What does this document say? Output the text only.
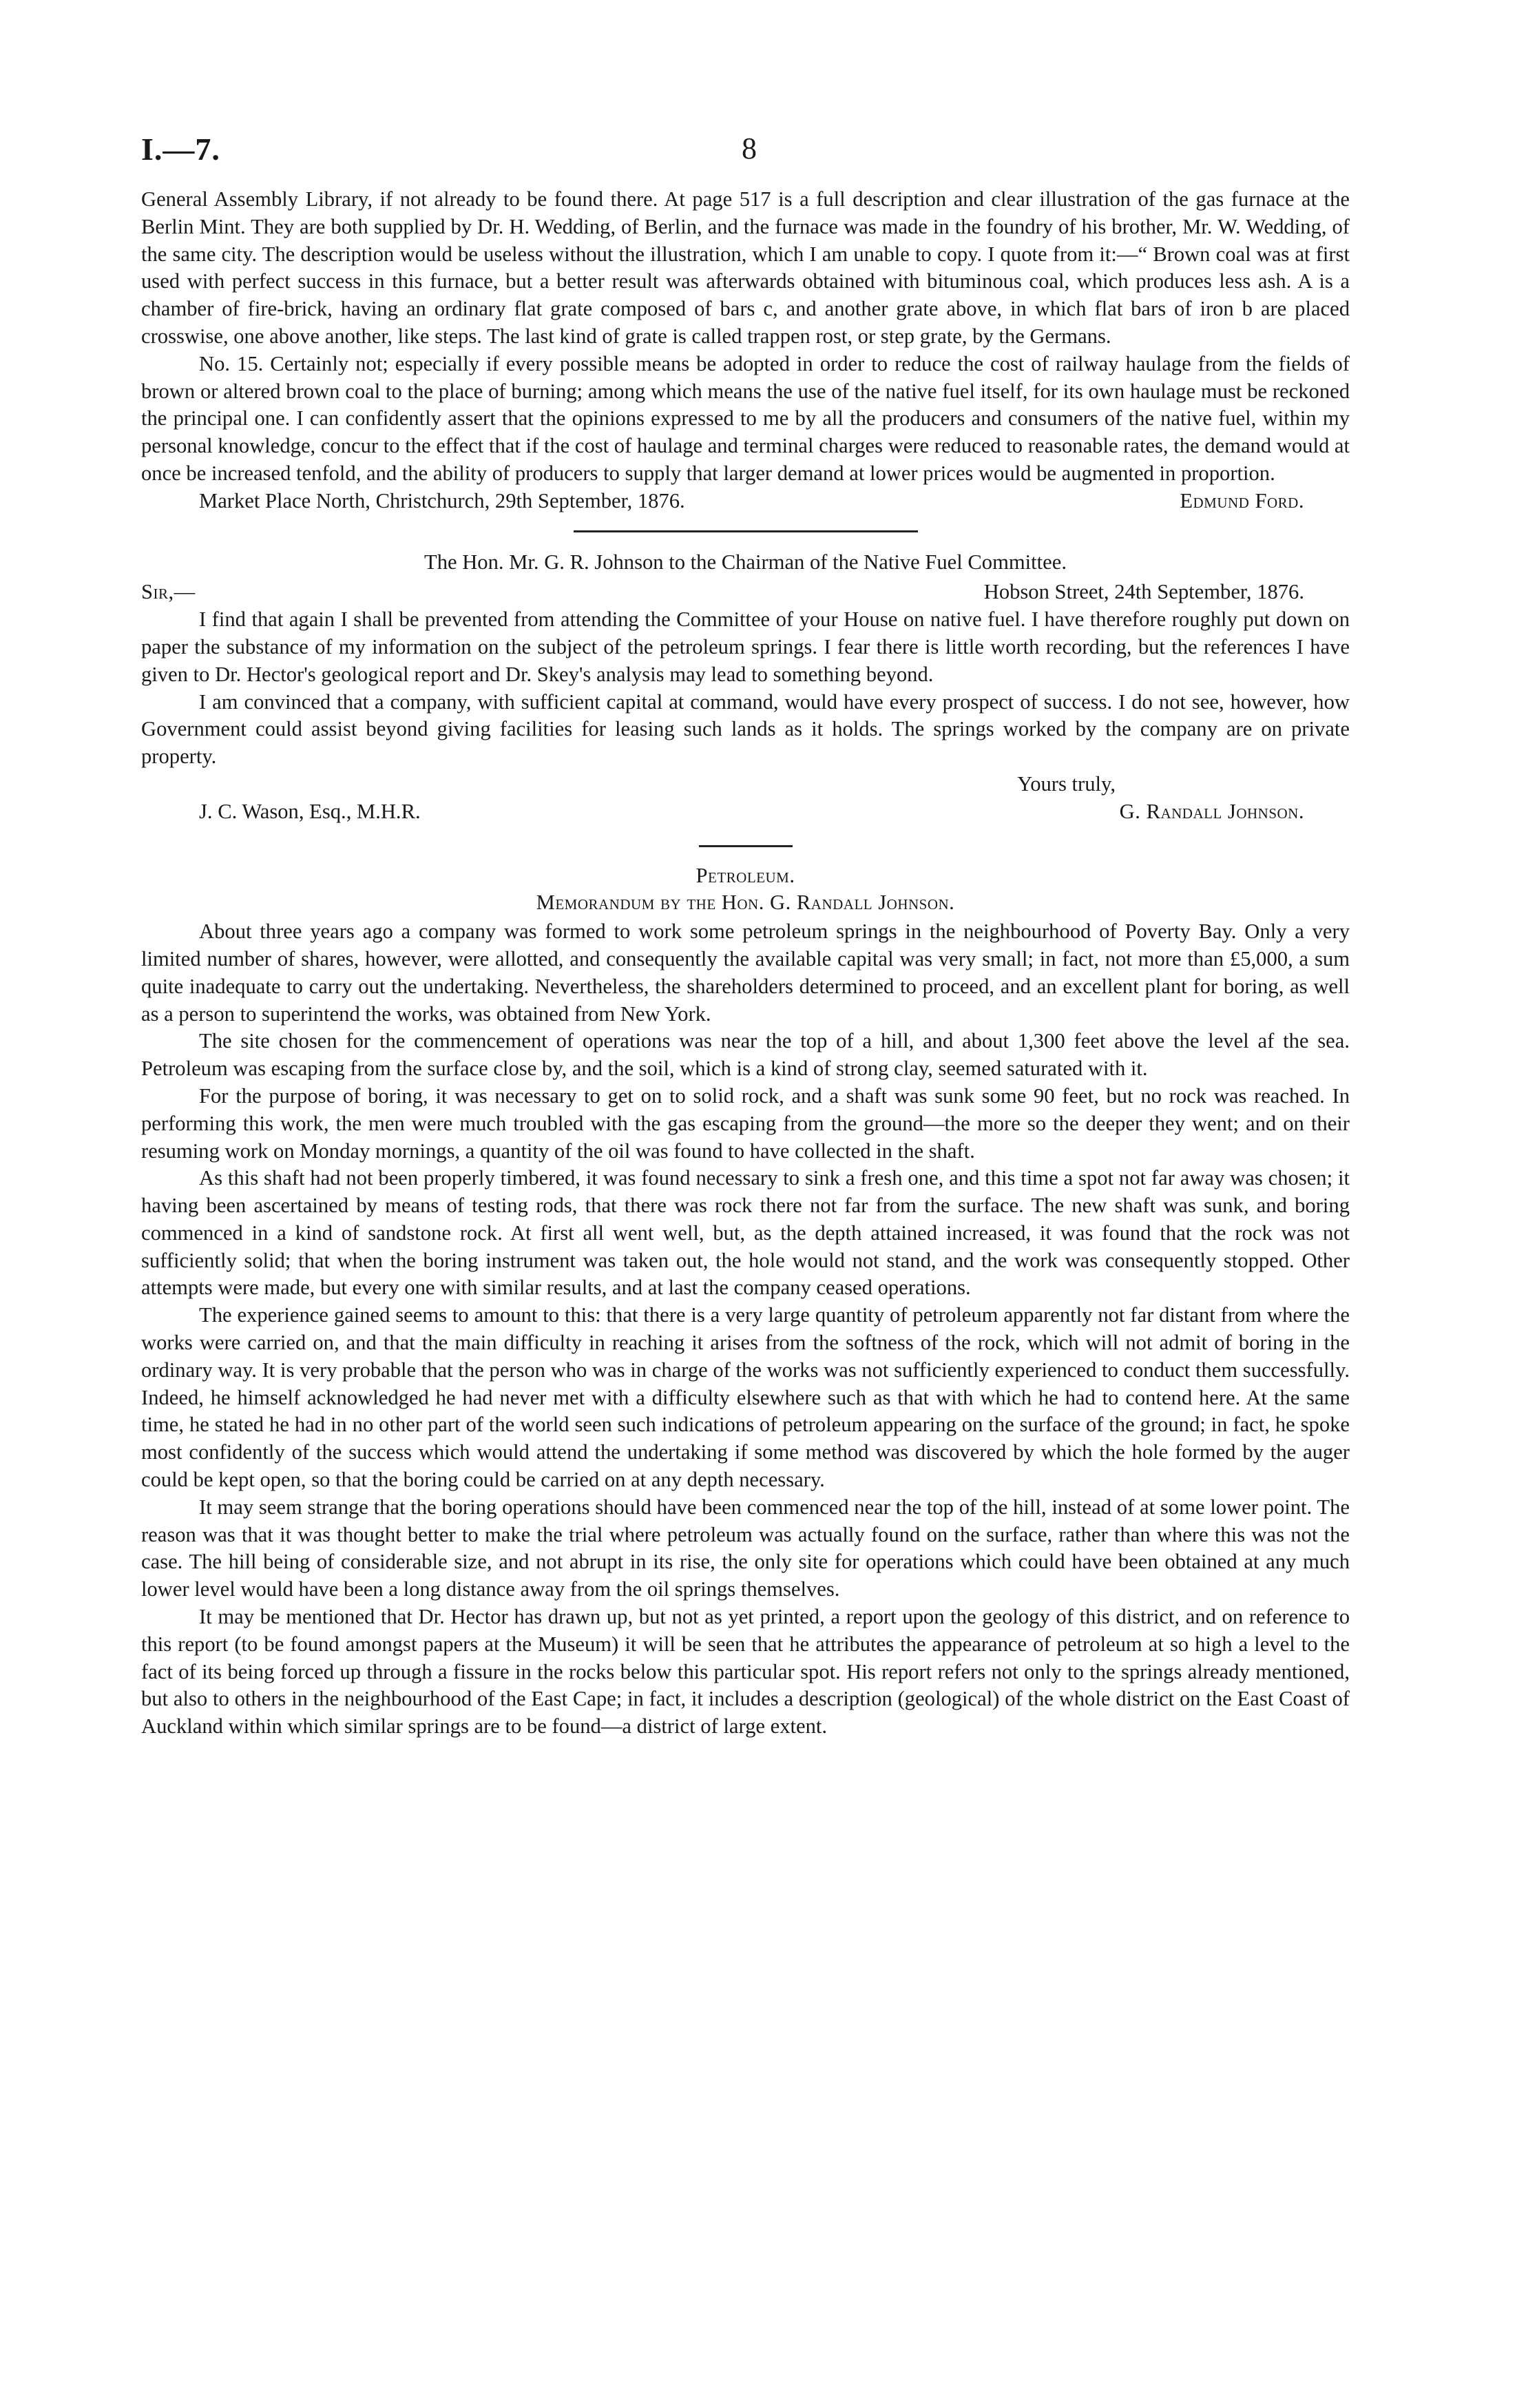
I.—7.	8

General Assembly Library, if not already to be found there. At page 517 is a full description and clear illustration of the gas furnace at the Berlin Mint. They are both supplied by Dr. H. Wedding, of Berlin, and the furnace was made in the foundry of his brother, Mr. W. Wedding, of the same city. The description would be useless without the illustration, which I am unable to copy. I quote from it:—“ Brown coal was at first used with perfect success in this furnace, but a better result was afterwards obtained with bituminous coal, which produces less ash. A is a chamber of fire-brick, having an ordinary flat grate composed of bars c, and another grate above, in which flat bars of iron b are placed crosswise, one above another, like steps. The last kind of grate is called trappen rost, or step grate, by the Germans.

No. 15. Certainly not; especially if every possible means be adopted in order to reduce the cost of railway haulage from the fields of brown or altered brown coal to the place of burning; among which means the use of the native fuel itself, for its own haulage must be reckoned the principal one. I can confidently assert that the opinions expressed to me by all the producers and consumers of the native fuel, within my personal knowledge, concur to the effect that if the cost of haulage and terminal charges were reduced to reasonable rates, the demand would at once be increased tenfold, and the ability of producers to supply that larger demand at lower prices would be augmented in proportion.

Market Place North, Christchurch, 29th September, 1876.	Edmund Ford.
The Hon. Mr. G. R. Johnson to the Chairman of the Native Fuel Committee.
Sir,—	Hobson Street, 24th September, 1876.

I find that again I shall be prevented from attending the Committee of your House on native fuel. I have therefore roughly put down on paper the substance of my information on the subject of the petroleum springs. I fear there is little worth recording, but the references I have given to Dr. Hector's geological report and Dr. Skey's analysis may lead to something beyond.

I am convinced that a company, with sufficient capital at command, would have every prospect of success. I do not see, however, how Government could assist beyond giving facilities for leasing such lands as it holds. The springs worked by the company are on private property.

Yours truly,
J. C. Wason, Esq., M.H.R.	G. Randall Johnson.
Petroleum.
Memorandum by the Hon. G. Randall Johnson.

About three years ago a company was formed to work some petroleum springs in the neighbourhood of Poverty Bay. Only a very limited number of shares, however, were allotted, and consequently the available capital was very small; in fact, not more than £5,000, a sum quite inadequate to carry out the undertaking. Nevertheless, the shareholders determined to proceed, and an excellent plant for boring, as well as a person to superintend the works, was obtained from New York.

The site chosen for the commencement of operations was near the top of a hill, and about 1,300 feet above the level af the sea. Petroleum was escaping from the surface close by, and the soil, which is a kind of strong clay, seemed saturated with it.

For the purpose of boring, it was necessary to get on to solid rock, and a shaft was sunk some 90 feet, but no rock was reached. In performing this work, the men were much troubled with the gas escaping from the ground—the more so the deeper they went; and on their resuming work on Monday mornings, a quantity of the oil was found to have collected in the shaft.

As this shaft had not been properly timbered, it was found necessary to sink a fresh one, and this time a spot not far away was chosen; it having been ascertained by means of testing rods, that there was rock there not far from the surface. The new shaft was sunk, and boring commenced in a kind of sandstone rock. At first all went well, but, as the depth attained increased, it was found that the rock was not sufficiently solid; that when the boring instrument was taken out, the hole would not stand, and the work was consequently stopped. Other attempts were made, but every one with similar results, and at last the company ceased operations.

The experience gained seems to amount to this: that there is a very large quantity of petroleum apparently not far distant from where the works were carried on, and that the main difficulty in reaching it arises from the softness of the rock, which will not admit of boring in the ordinary way. It is very probable that the person who was in charge of the works was not sufficiently experienced to conduct them successfully. Indeed, he himself acknowledged he had never met with a difficulty elsewhere such as that with which he had to contend here. At the same time, he stated he had in no other part of the world seen such indications of petroleum appearing on the surface of the ground; in fact, he spoke most confidently of the success which would attend the undertaking if some method was discovered by which the hole formed by the auger could be kept open, so that the boring could be carried on at any depth necessary.

It may seem strange that the boring operations should have been commenced near the top of the hill, instead of at some lower point. The reason was that it was thought better to make the trial where petroleum was actually found on the surface, rather than where this was not the case. The hill being of considerable size, and not abrupt in its rise, the only site for operations which could have been obtained at any much lower level would have been a long distance away from the oil springs themselves.

It may be mentioned that Dr. Hector has drawn up, but not as yet printed, a report upon the geology of this district, and on reference to this report (to be found amongst papers at the Museum) it will be seen that he attributes the appearance of petroleum at so high a level to the fact of its being forced up through a fissure in the rocks below this particular spot. His report refers not only to the springs already mentioned, but also to others in the neighbourhood of the East Cape; in fact, it includes a description (geological) of the whole district on the East Coast of Auckland within which similar springs are to be found—a district of large extent.
